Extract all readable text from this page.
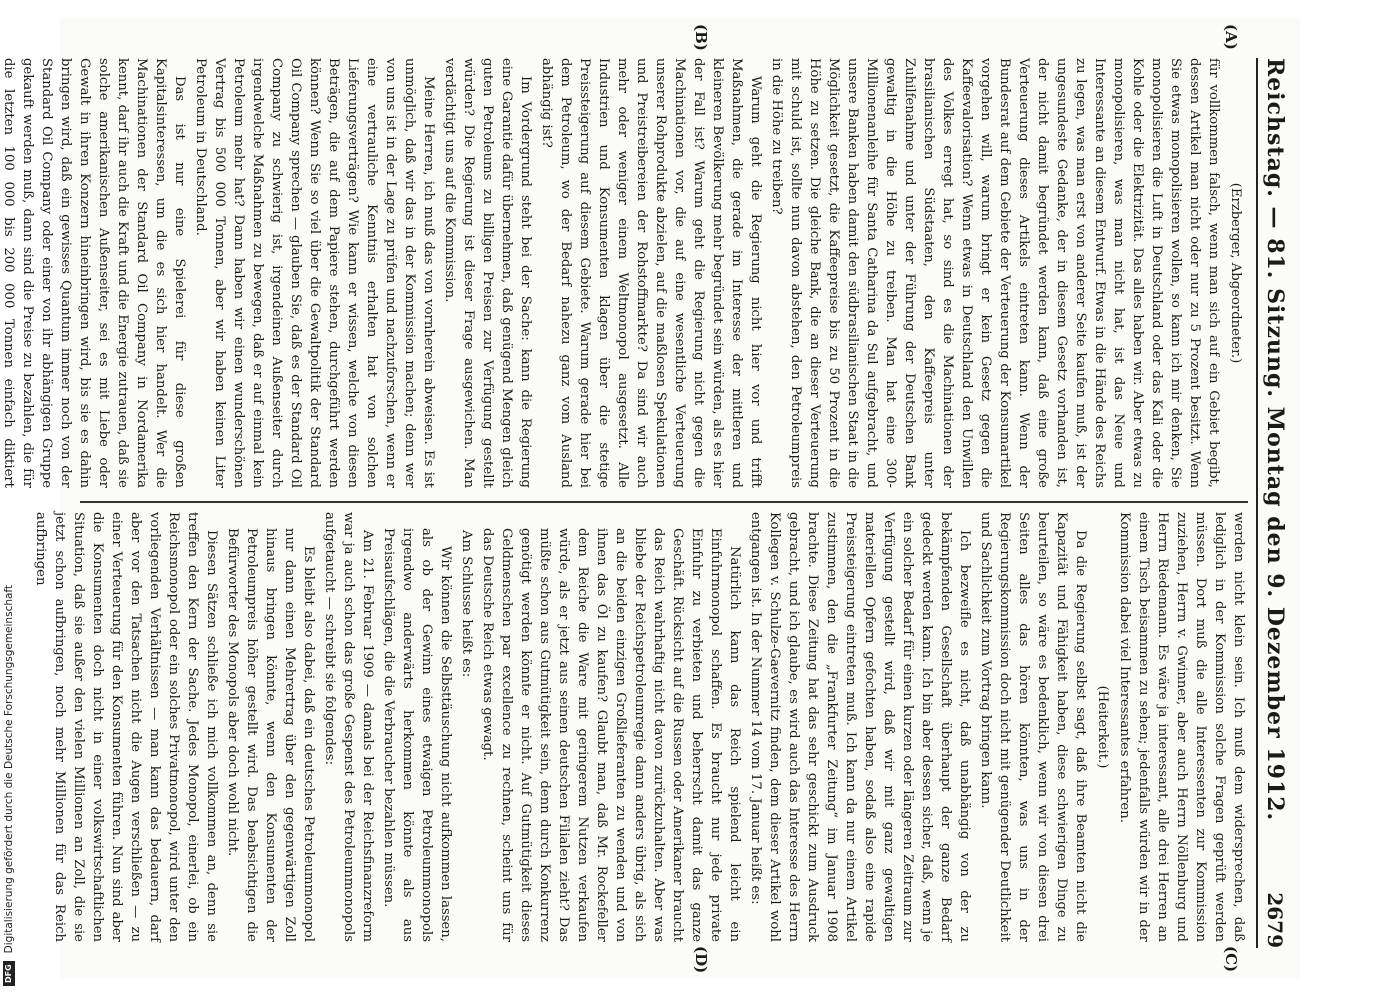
Reichstag. — 81. Sitzung. Montag den 9. Dezember 1912.
2679
(A)
(B)
(C)
(D)

(Erzberger, Abgeordneter.)

für vollkommen falsch, wenn man sich auf ein Gebiet begibt, dessen Artikel man nicht oder nur zu 5 Prozent besitzt. Wenn Sie etwas monopolisieren wollen, so kann ich mir denken, Sie monopolisieren die Luft in Deutschland oder das Kali oder die Kohle oder die Elektrizität. Das alles haben wir. Aber etwas zu monopolisieren, was man nicht hat, ist das Neue und Interessante an diesem Entwurf. Etwas in die Hände des Reichs zu legen, was man erst von anderer Seite kaufen muß, ist der ungesundeste Gedanke, der in diesem Gesetz vorhanden ist, der nicht damit begründet werden kann, daß eine große Verteuerung dieses Artikels eintreten kann. Wenn der Bundesrat auf dem Gebiete der Verteuerung der Konsumartikel vorgehen will, warum bringt er kein Gesetz gegen die Kaffeevalorisation? Wenn etwas in Deutschland den Unwillen des Volkes erregt hat, so sind es die Machinationen der brasilianischen Südstaaten, den Kaffeepreis unter Zuhilfenahme und unter der Führung der Deutschen Bank gewaltig in die Höhe zu treiben. Man hat eine 300-Millionenanleihe für Santa Catharina da Sul aufgebracht, und unsere Banken haben damit den südbrasilianischen Staat in die Möglichkeit gesetzt, die Kaffeepreise bis zu 50 Prozent in die Höhe zu setzen. Die gleiche Bank, die an dieser Verteuerung mit schuld ist, sollte nun davon abstehen, den Petroleumpreis in die Höhe zu treiben?

Warum geht die Regierung nicht hier vor und trifft Maßnahmen, die gerade im Interesse der mittleren und kleineren Bevölkerung mehr begründet sein würden, als es hier der Fall ist? Warum geht die Regierung nicht gegen die Machinationen vor, die auf eine wesentliche Verteuerung unserer Rohprodukte abzielen, auf die maßlosen Spekulationen und Preistreibereien der Rohstoffmarkte? Da sind wir auch mehr oder weniger einem Weltmonopol ausgesetzt. Alle Industrien und Konsumenten klagen über die stetige Preissteigerung auf diesem Gebiete. Warum gerade hier bei dem Petroleum, wo der Bedarf nahezu ganz vom Ausland abhängig ist?

Im Vordergrund steht bei der Sache: kann die Regierung eine Garantie dafür übernehmen, daß genügend Mengen gleich guten Petroleums zu billigen Preisen zur Verfügung gestellt würden? Die Regierung ist dieser Frage ausgewichen. Man verdächtigt uns auf die Kommission.

Meine Herren, ich muß das von vornherein abweisen. Es ist unmöglich, daß wir das in der Kommission machen; denn wer von uns ist in der Lage zu prüfen und nachzuforschen, wenn er eine vertrauliche Kenntnis erhalten hat von solchen Lieferungsverträgen? Wie kann er wissen, welche von diesen Beträgen, die auf dem Papiere stehen, durchgeführt werden können? Wenn Sie so viel über die Gewaltpolitik der Standard Oil Company sprechen — glauben Sie, daß es der Standard Oil Company zu schwierig ist, irgendeinen Außenseiter durch irgendwelche Maßnahmen zu bewegen, daß er auf einmal kein Petroleum mehr hat? Dann haben wir einen wunderschönen Vertrag bis 500 000 Tonnen, aber wir haben keinen Liter Petroleum in Deutschland.

Das ist nur eine Spielerei für diese großen Kapitalsinteressen, um die es sich hier handelt. Wer die Machinationen der Standard Oil Company in Nordamerika kennt, darf ihr auch die Kraft und die Energie zutrauen, daß sie solche amerikanischen Außenseiter, sei es mit Liebe oder Gewalt in ihren Konzern hineinbringen wird, bis sie es dahin bringen wird, daß ein gewisses Quantum immer noch von der Standard Oil Company oder einer von ihr abhängigen Gruppe gekauft werden muß, dann sind die Preise zu bezahlen, die für die letzten 100 000 bis 200 000 Tonnen einfach diktiert

werden nicht klein sein. Ich muß dem widersprechen, daß lediglich in der Kommission solche Fragen geprüft werden müssen. Dort muß die alle Interessenten zur Kommission zuziehen, Herrn v. Gwinner, aber auch Herrn Nöllenburg und Herrn Riedemann. Es wäre ja interessant, alle drei Herren an einem Tisch beisammen zu sehen; jedenfalls würden wir in der Kommission dabei viel Interessantes erfahren.

(Heiterkeit.)

Da die Regierung selbst sagt, daß ihre Beamten nicht die Kapazität und Fähigkeit haben, diese schwierigen Dinge zu beurteilen, so wäre es bedenklich, wenn wir von diesen drei Seiten alles das hören könnten, was uns in der Regierungskommission doch nicht mit genügender Deutlichkeit und Sachlichkeit zum Vortrag bringen kann.

Ich bezweifle es nicht, daß unabhängig von der zu bekämpfenden Gesellschaft überhaupt der ganze Bedarf gedeckt werden kann. Ich bin aber dessen sicher, daß, wenn je ein solcher Bedarf für einen kurzen oder längeren Zeitraum zur Verfügung gestellt wird, daß wir mit ganz gewaltigen materiellen Opfern gefochten haben, sodaß also eine rapide Preissteigerung eintreten muß. Ich kann da nur einem Artikel zustimmen, den die „Frankfurter Zeitung“ im Januar 1908 brachte. Diese Zeitung hat das sehr geschickt zum Ausdruck gebracht, und ich glaube, es wird auch das Interesse des Herrn Kollegen v. Schulze-Gaevernitz finden, dem dieser Artikel wohl entgangen ist. In der Nummer 14 vom 17. Januar heißt es:

Natürlich kann das Reich spielend leicht ein Einfuhrmonopol schaffen. Es braucht nur jede private Einfuhr zu verbieten und beherrscht damit das ganze Geschäft. Rücksicht auf die Russen oder Amerikaner braucht das Reich wahrhaftig nicht davon zurückzuhalten. Aber was bliebe der Reichspetroleumregie dann anders übrig, als sich an die beiden einzigen Großlieferanten zu wenden und von ihnen das Öl zu kaufen? Glaubt man, daß Mr. Rockefeller dem Reiche die Ware mit geringerem Nutzen verkaufen würde, als er jetzt aus seinen deutschen Filialen zieht? Das müßte schon aus Gutmütigkeit sein, denn durch Konkurrenz genötigt werden könnte er nicht. Auf Gutmütigkeit dieses Geldmenschen par excellence zu rechnen, scheint uns für das Deutsche Reich etwas gewagt.

Am Schlusse heißt es:

Wir können die Selbsttäuschung nicht aufkommen lassen, als ob der Gewinn eines etwaigen Petroleummonopols irgendwo anderwärts herkommen könnte als aus Preisaufschlägen, die die Verbraucher bezahlen müssen.

Am 21. Februar 1909 — damals bei der Reichsfinanzreform war ja auch schon das große Gespenst des Petroleummonopols aufgetaucht — schreibt sie folgendes:

Es bleibt also dabei, daß ein deutsches Petroleummonopol nur dann einen Mehrertrag über den gegenwärtigen Zoll hinaus bringen könnte, wenn den Konsumenten der Petroleumpreis höher gestellt wird. Das beabsichtigen die Befürworter des Monopols aber doch wohl nicht.

Diesen Sätzen schließe ich mich vollkommen an, denn sie treffen den Kern der Sache. Jedes Monopol, einerlei, ob ein Reichsmonopol oder ein solches Privatmonopol, wird unter den vorliegenden Verhältnissen — man kann das bedauern, darf aber vor den Tatsachen nicht die Augen verschließen — zu einer Verteuerung für den Konsumenten führen. Nun sind aber die Konsumenten doch nicht in einer volkswirtschaftlichen Situation, daß sie außer den vielen Millionen an Zoll, die sie jetzt schon aufbringen, noch mehr Millionen für das Reich aufbringen

DFG
Digitalisierung gefördert durch die Deutsche Forschungsgemeinschaft
